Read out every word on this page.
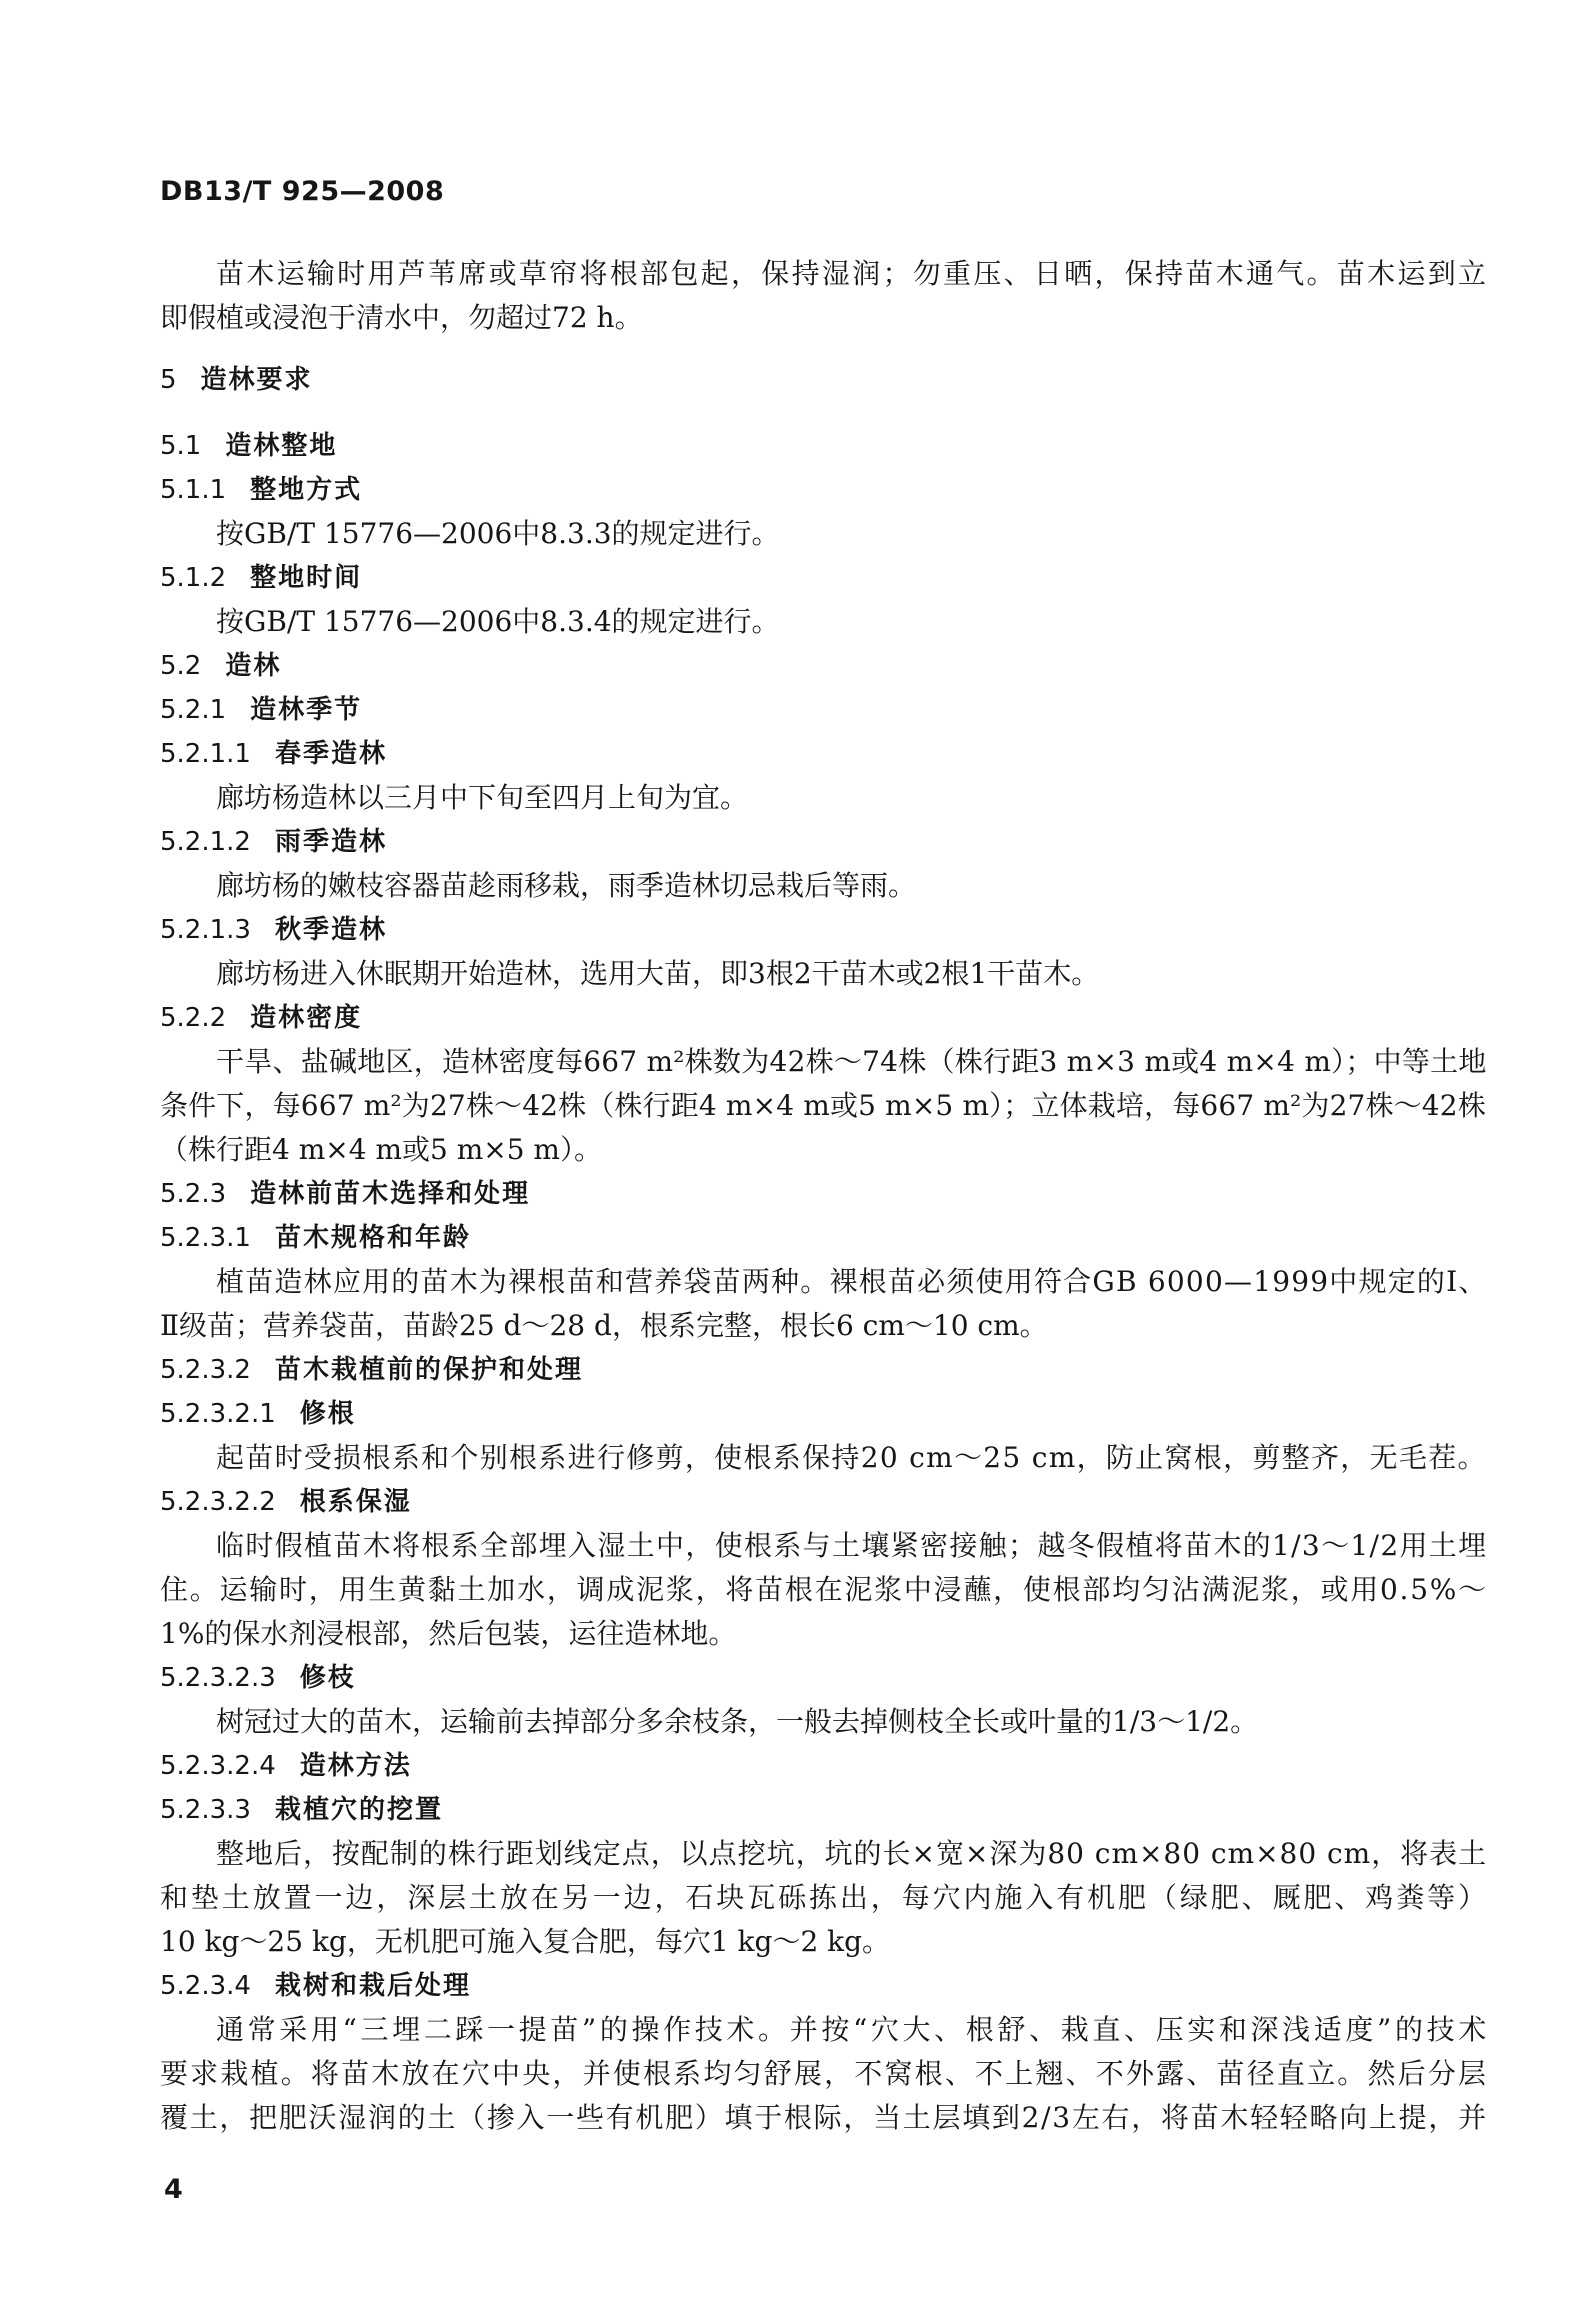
DB13/T 925—2008
苗木运输时用芦苇席或草帘将根部包起，保持湿润；勿重压、日晒，保持苗木通气。苗木运到立
即假植或浸泡于清水中，勿超过72 h。
5 造林要求
5.1 造林整地
5.1.1 整地方式
按GB/T 15776—2006中8.3.3的规定进行。
5.1.2 整地时间
按GB/T 15776—2006中8.3.4的规定进行。
5.2 造林
5.2.1 造林季节
5.2.1.1 春季造林
廊坊杨造林以三月中下旬至四月上旬为宜。
5.2.1.2 雨季造林
廊坊杨的嫩枝容器苗趁雨移栽，雨季造林切忌栽后等雨。
5.2.1.3 秋季造林
廊坊杨进入休眠期开始造林，选用大苗，即3根2干苗木或2根1干苗木。
5.2.2 造林密度
干旱、盐碱地区，造林密度每667 m²株数为42株～74株（株行距3 m×3 m或4 m×4 m）；中等土地
条件下，每667 m²为27株～42株（株行距4 m×4 m或5 m×5 m）；立体栽培，每667 m²为27株～42株
（株行距4 m×4 m或5 m×5 m）。
5.2.3 造林前苗木选择和处理
5.2.3.1 苗木规格和年龄
植苗造林应用的苗木为裸根苗和营养袋苗两种。裸根苗必须使用符合GB 6000—1999中规定的Ⅰ、
Ⅱ级苗；营养袋苗，苗龄25 d～28 d，根系完整，根长6 cm～10 cm。
5.2.3.2 苗木栽植前的保护和处理
5.2.3.2.1 修根
起苗时受损根系和个别根系进行修剪，使根系保持20 cm～25 cm，防止窝根，剪整齐，无毛茬。
5.2.3.2.2 根系保湿
临时假植苗木将根系全部埋入湿土中，使根系与土壤紧密接触；越冬假植将苗木的1/3～1/2用土埋
住。运输时，用生黄黏土加水，调成泥浆，将苗根在泥浆中浸蘸，使根部均匀沾满泥浆，或用0.5%～
1%的保水剂浸根部，然后包装，运往造林地。
5.2.3.2.3 修枝
树冠过大的苗木，运输前去掉部分多余枝条，一般去掉侧枝全长或叶量的1/3～1/2。
5.2.3.2.4 造林方法
5.2.3.3 栽植穴的挖置
整地后，按配制的株行距划线定点，以点挖坑，坑的长×宽×深为80 cm×80 cm×80 cm，将表土
和垫土放置一边，深层土放在另一边，石块瓦砾拣出，每穴内施入有机肥（绿肥、厩肥、鸡粪等）
10 kg～25 kg，无机肥可施入复合肥，每穴1 kg～2 kg。
5.2.3.4 栽树和栽后处理
通常采用“三埋二踩一提苗”的操作技术。并按“穴大、根舒、栽直、压实和深浅适度”的技术
要求栽植。将苗木放在穴中央，并使根系均匀舒展，不窝根、不上翘、不外露、苗径直立。然后分层
覆土，把肥沃湿润的土（掺入一些有机肥）填于根际，当土层填到2/3左右，将苗木轻轻略向上提，并
4
